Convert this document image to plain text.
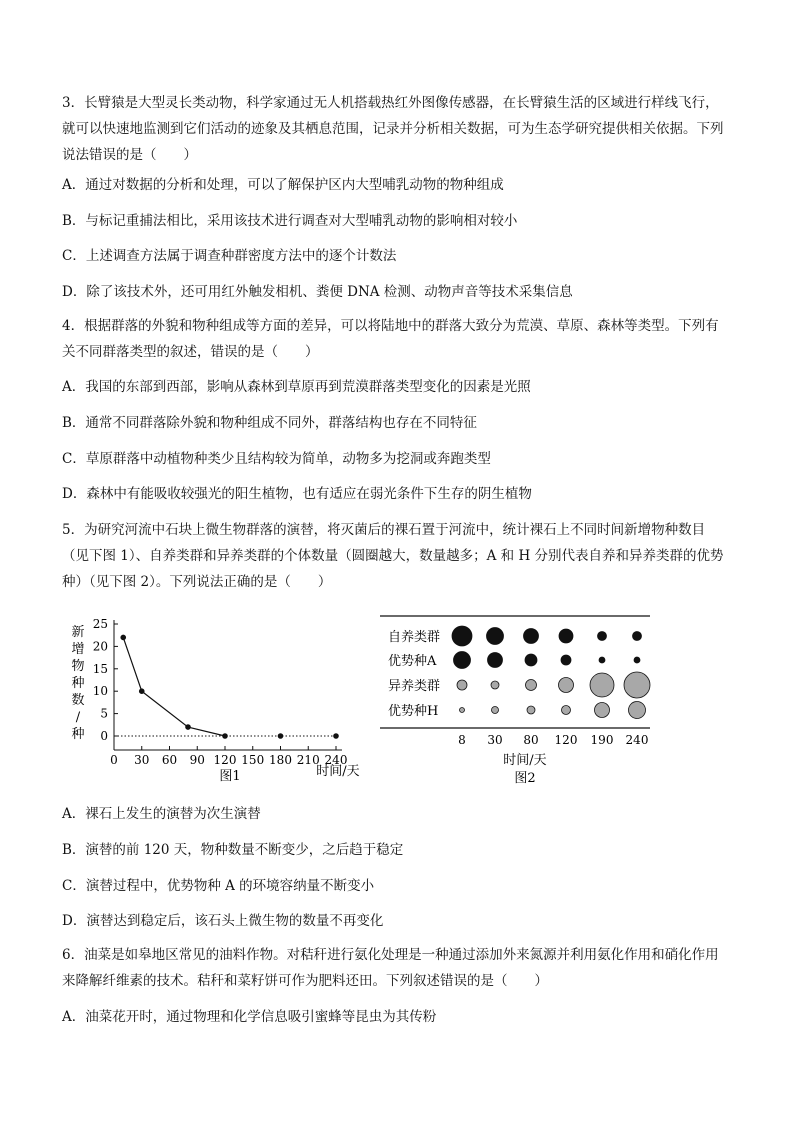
3．长臂猿是大型灵长类动物，科学家通过无人机搭载热红外图像传感器，在长臂猿生活的区域进行样线飞行，就可以快速地监测到它们活动的迹象及其栖息范围，记录并分析相关数据，可为生态学研究提供相关依据。下列说法错误的是（　　）

A．通过对数据的分析和处理，可以了解保护区内大型哺乳动物的物种组成

B．与标记重捕法相比，采用该技术进行调查对大型哺乳动物的影响相对较小

C．上述调查方法属于调查种群密度方法中的逐个计数法

D．除了该技术外，还可用红外触发相机、粪便 DNA 检测、动物声音等技术采集信息

4．根据群落的外貌和物种组成等方面的差异，可以将陆地中的群落大致分为荒漠、草原、森林等类型。下列有关不同群落类型的叙述，错误的是（　　）

A．我国的东部到西部，影响从森林到草原再到荒漠群落类型变化的因素是光照

B．通常不同群落除外貌和物种组成不同外，群落结构也存在不同特征

C．草原群落中动植物种类少且结构较为简单，动物多为挖洞或奔跑类型

D．森林中有能吸收较强光的阳生植物，也有适应在弱光条件下生存的阴生植物

5．为研究河流中石块上微生物群落的演替，将灭菌后的裸石置于河流中，统计裸石上不同时间新增物种数目（见下图 1）、自养类群和异养类群的个体数量（圆圈越大，数量越多；A 和 H 分别代表自养和异养类群的优势种）（见下图 2）。下列说法正确的是（　　）

新
增
物
种
数
/
种 0
5
10
15
20
25
0 30 60 90 120 150 180 210 240
时间/天
图1
自养类群
优势种A
异养类群
优势种H
8 30 80 120 190 240
时间/天
图2

A．裸石上发生的演替为次生演替

B．演替的前 120 天，物种数量不断变少，之后趋于稳定

C．演替过程中，优势物种 A 的环境容纳量不断变小

D．演替达到稳定后，该石头上微生物的数量不再变化

6．油菜是如皋地区常见的油料作物。对秸秆进行氨化处理是一种通过添加外来氮源并利用氨化作用和硝化作用来降解纤维素的技术。秸秆和菜籽饼可作为肥料还田。下列叙述错误的是（　　）

A．油菜花开时，通过物理和化学信息吸引蜜蜂等昆虫为其传粉
